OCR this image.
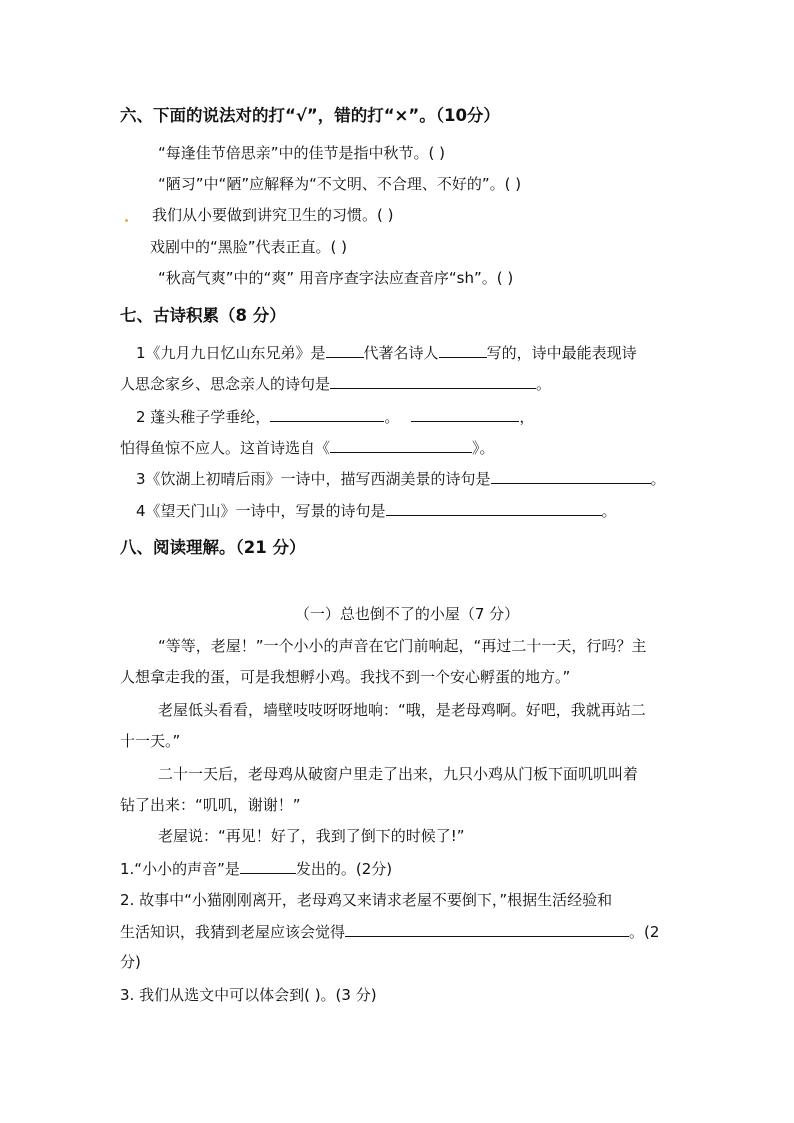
六、下面的说法对的打“√”，错的打“×”。（10分）
“每逢佳节倍思亲”中的佳节是指中秋节。( )
“陋习”中“陋”应解释为“不文明、不合理、不好的”。( )
我们从小要做到讲究卫生的习惯。( )
戏剧中的“黑脸”代表正直。( )
“秋高气爽”中的“爽” 用音序查字法应查音序“sh”。( )
七、古诗积累（8 分）
1《九月九日忆山东兄弟》是	代著名诗人	写的，诗中最能表现诗
人思念家乡、思念亲人的诗句是	。
2 蓬头稚子学垂纶，	。	，
怕得鱼惊不应人。这首诗选自《	》。
3《饮湖上初晴后雨》一诗中，描写西湖美景的诗句是	。
4《望天门山》一诗中，写景的诗句是	。
八、阅读理解。（21 分）
（一）总也倒不了的小屋（7 分）
“等等，老屋！”一个小小的声音在它门前响起，“再过二十一天，行吗？主
人想拿走我的蛋，可是我想孵小鸡。我找不到一个安心孵蛋的地方。”
老屋低头看看，墙壁吱吱呀呀地响：“哦，是老母鸡啊。好吧，我就再站二
十一天。”
二十一天后，老母鸡从破窗户里走了出来，九只小鸡从门板下面叽叽叫着
钻了出来：“叽叽，谢谢！”
老屋说：“再见！好了，我到了倒下的时候了!”
1.“小小的声音”是	发出的。(2分)
2. 故事中“小猫刚刚离开，老母鸡又来请求老屋不要倒下，”根据生活经验和
生活知识，我猜到老屋应该会觉得	。(2
分)
3. 我们从选文中可以体会到( )。(3 分)
